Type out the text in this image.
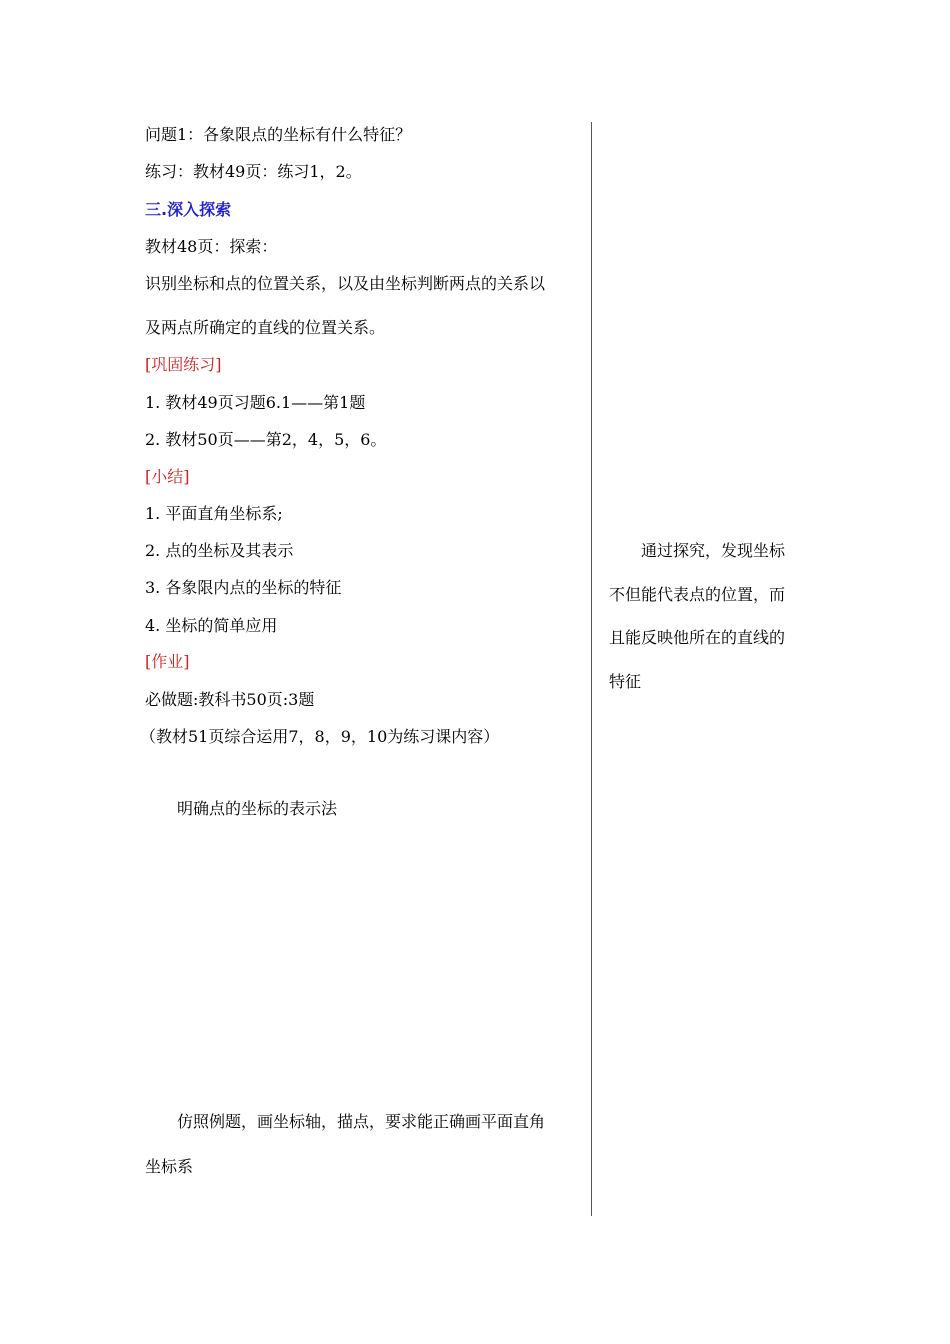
问题1：各象限点的坐标有什么特征？
练习：教材49页：练习1，2。
三.深入探索
教材48页：探索：
识别坐标和点的位置关系，以及由坐标判断两点的关系以
及两点所确定的直线的位置关系。
[巩固练习]
1. 教材49页习题6.1——第1题
2. 教材50页——第2，4，5，6。
[小结]
1. 平面直角坐标系;
2. 点的坐标及其表示
3. 各象限内点的坐标的特征
4. 坐标的简单应用
[作业]
必做题:教科书50页:3题
（教材51页综合运用7，8，9，10为练习课内容）
明确点的坐标的表示法
仿照例题，画坐标轴，描点，要求能正确画平面直角
坐标系
通过探究，发现坐标
不但能代表点的位置，而
且能反映他所在的直线的
特征
